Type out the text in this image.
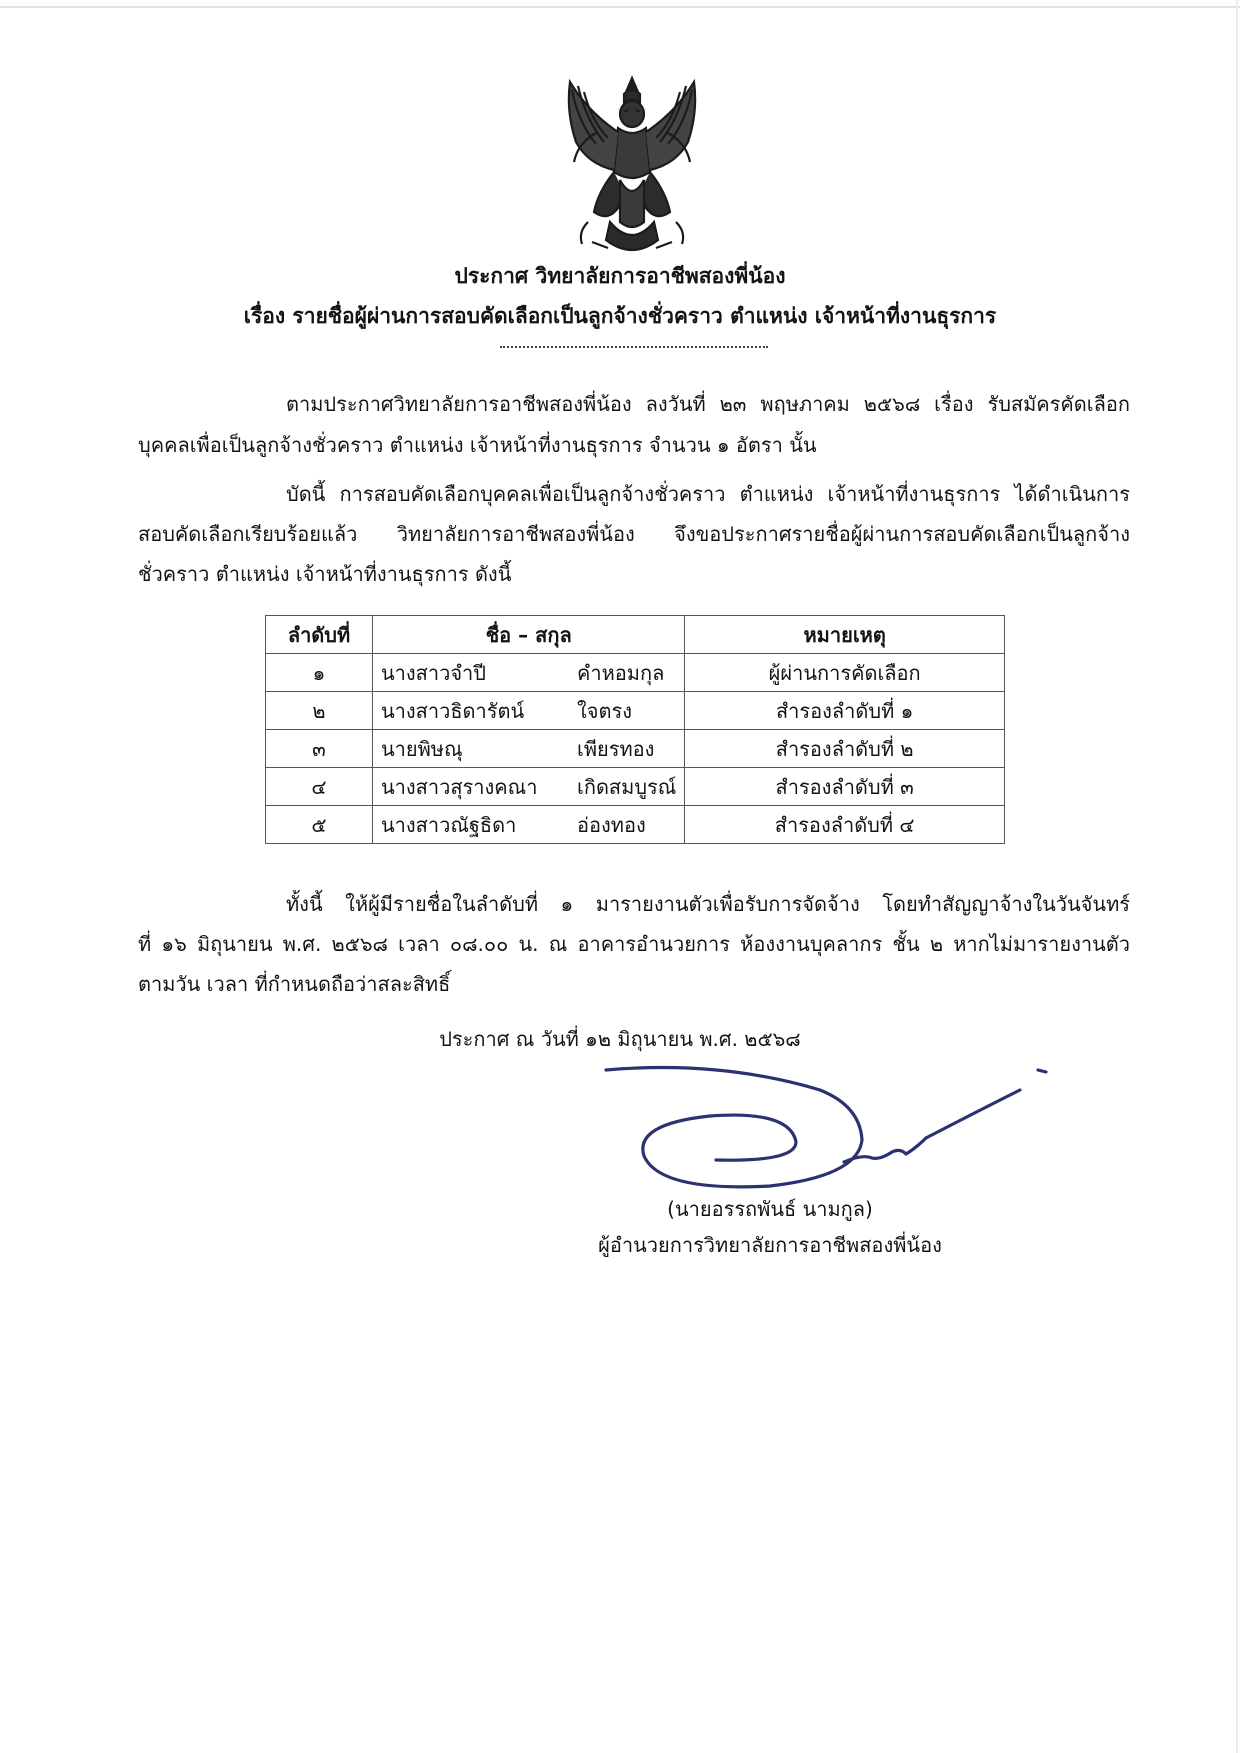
ประกาศ วิทยาลัยการอาชีพสองพี่น้อง
เรื่อง รายชื่อผู้ผ่านการสอบคัดเลือกเป็นลูกจ้างชั่วคราว ตำแหน่ง เจ้าหน้าที่งานธุรการ
ตามประกาศวิทยาลัยการอาชีพสองพี่น้อง ลงวันที่ ๒๓ พฤษภาคม ๒๕๖๘ เรื่อง รับสมัครคัดเลือก
บุคคลเพื่อเป็นลูกจ้างชั่วคราว ตำแหน่ง เจ้าหน้าที่งานธุรการ จำนวน ๑ อัตรา นั้น
บัดนี้ การสอบคัดเลือกบุคคลเพื่อเป็นลูกจ้างชั่วคราว ตำแหน่ง เจ้าหน้าที่งานธุรการ ได้ดำเนินการ
สอบคัดเลือกเรียบร้อยแล้ว วิทยาลัยการอาชีพสองพี่น้อง จึงขอประกาศรายชื่อผู้ผ่านการสอบคัดเลือกเป็นลูกจ้าง
ชั่วคราว ตำแหน่ง เจ้าหน้าที่งานธุรการ ดังนี้
ลำดับที่	ชื่อ – สกุล	หมายเหตุ
๑	นางสาวจำปี คำหอมกุล	ผู้ผ่านการคัดเลือก
๒	นางสาวธิดารัตน์ ใจตรง	สำรองลำดับที่ ๑
๓	นายพิษณุ เพียรทอง	สำรองลำดับที่ ๒
๔	นางสาวสุรางคณา เกิดสมบูรณ์	สำรองลำดับที่ ๓
๕	นางสาวณัฐธิดา อ่องทอง	สำรองลำดับที่ ๔
ทั้งนี้ ให้ผู้มีรายชื่อในลำดับที่ ๑ มารายงานตัวเพื่อรับการจัดจ้าง โดยทำสัญญาจ้างในวันจันทร์
ที่ ๑๖ มิถุนายน พ.ศ. ๒๕๖๘ เวลา ๐๘.๐๐ น. ณ อาคารอำนวยการ ห้องงานบุคลากร ชั้น ๒ หากไม่มารายงานตัว
ตามวัน เวลา ที่กำหนดถือว่าสละสิทธิ์
ประกาศ ณ วันที่ ๑๒ มิถุนายน พ.ศ. ๒๕๖๘
(นายอรรถพันธ์ นามกูล)
ผู้อำนวยการวิทยาลัยการอาชีพสองพี่น้อง
